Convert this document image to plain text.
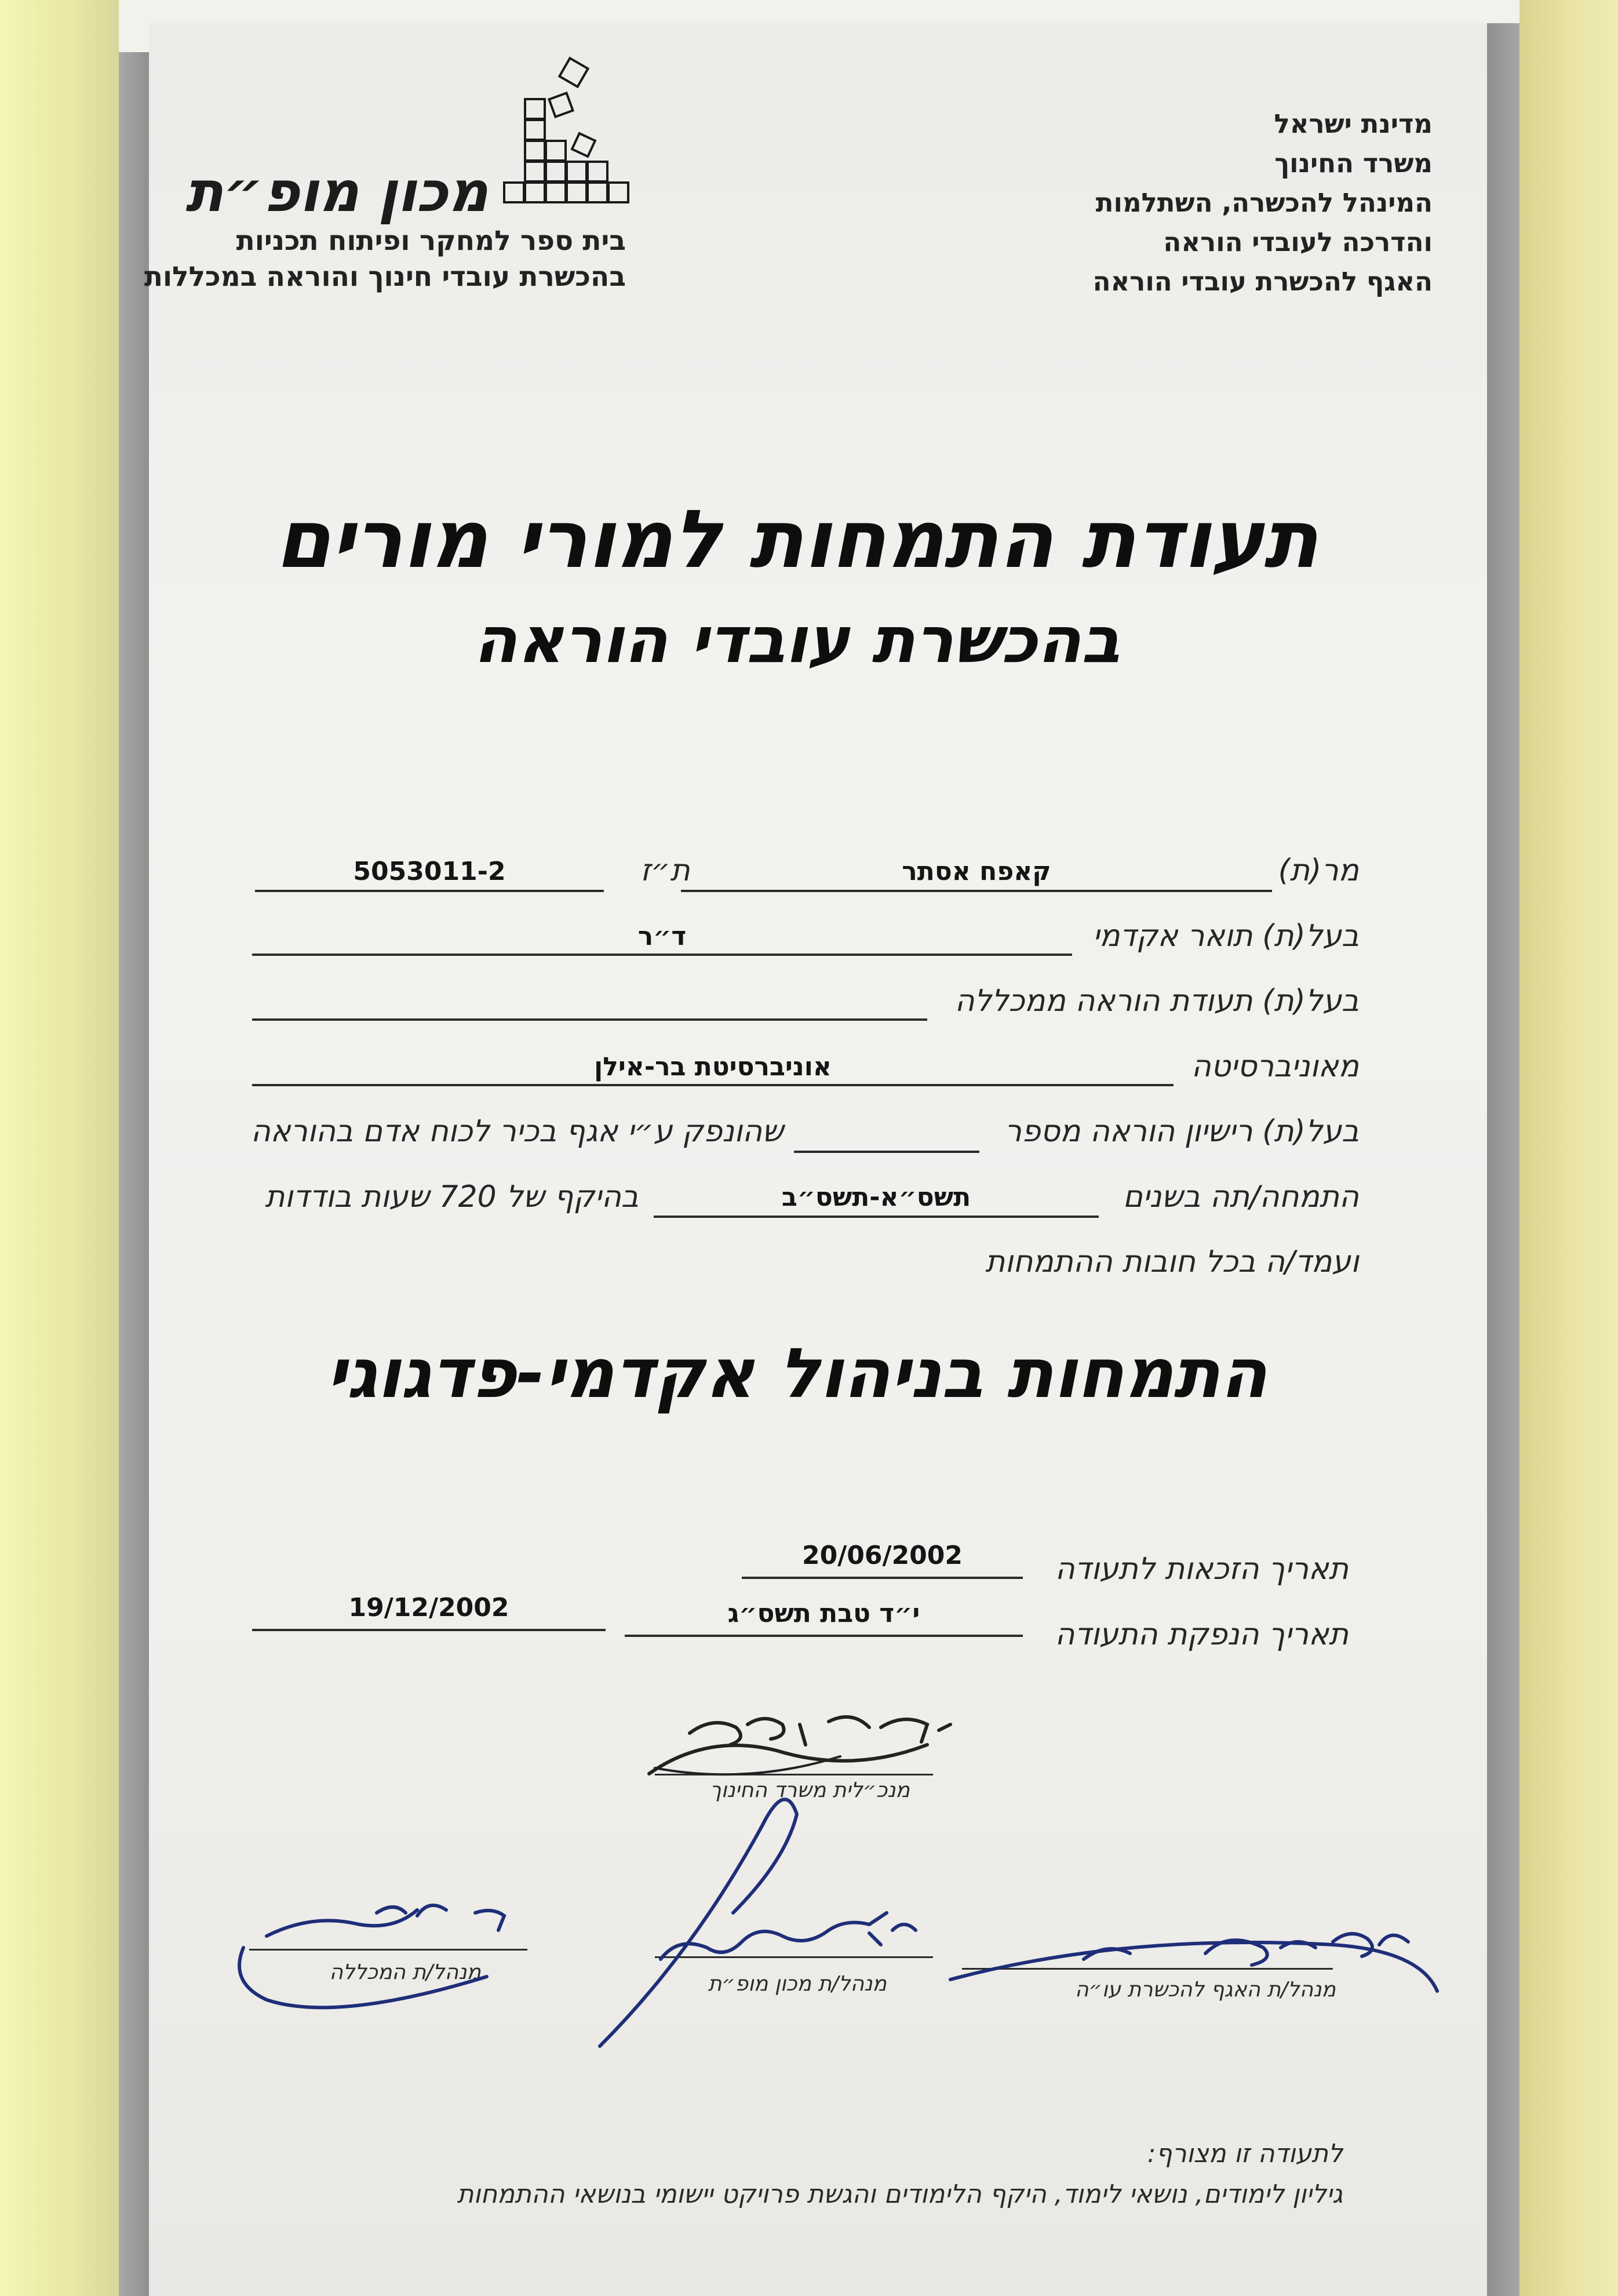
מדינת ישראל
משרד החינוך
המינהל להכשרה, השתלמות
והדרכה לעובדי הוראה
האגף להכשרת עובדי הוראה
מכון מופ״ת
בית ספר למחקר ופיתוח תכניות
בהכשרת עובדי חינוך והוראה במכללות
תעודת התמחות למורי מורים
בהכשרת עובדי הוראה
מר(ת)
קאפח אסתר
ת״ז
5053011-2
בעל(ת) תואר אקדמי
ד״ר
בעל(ת) תעודת הוראה ממכללה
מאוניברסיטה
אוניברסיטת בר-אילן
בעל(ת) רישיון הוראה מספר
שהונפק ע״י אגף בכיר לכוח אדם בהוראה
התמחה/תה בשנים
תשס״א-תשס״ב
בהיקף של 720 שעות בודדות
ועמד/ה בכל חובות ההתמחות
התמחות בניהול אקדמי-פדגוגי
תאריך הזכאות לתעודה
20/06/2002
תאריך הנפקת התעודה
י״ד טבת תשס״ג
19/12/2002
מנכ״לית משרד החינוך
מנהל/ת המכללה	מנהל/ת מכון מופ״ת	מנהל/ת האגף להכשרת עו״ה
לתעודה זו מצורף:
גיליון לימודים, נושאי לימוד, היקף הלימודים והגשת פרויקט יישומי בנושאי ההתמחות
